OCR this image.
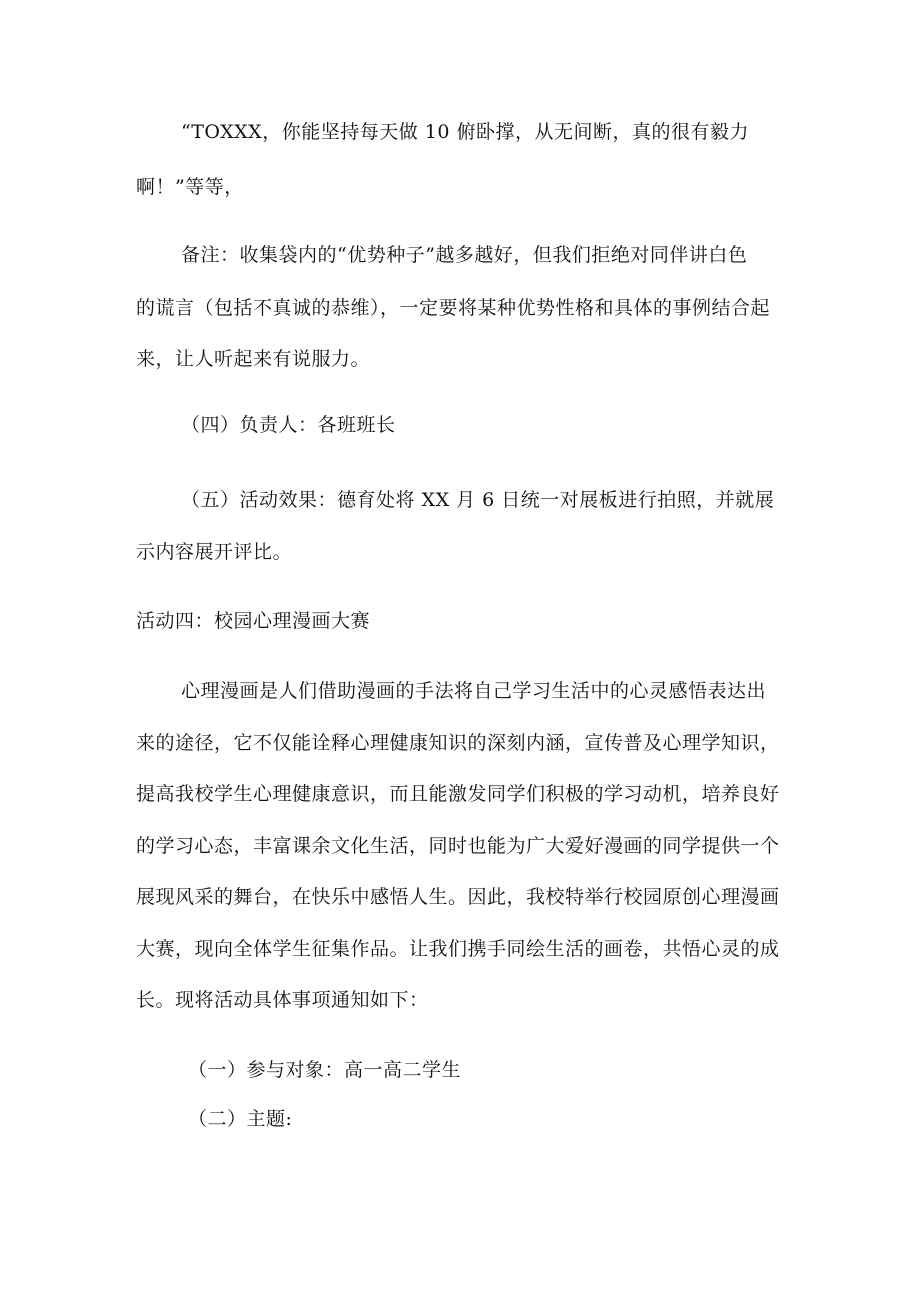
“TOXXX，你能坚持每天做 10 俯卧撑，从无间断，真的很有毅力
啊！”等等，
备注：收集袋内的“优势种子”越多越好，但我们拒绝对同伴讲白色
的谎言（包括不真诚的恭维），一定要将某种优势性格和具体的事例结合起
来，让人听起来有说服力。
（四）负责人：各班班长
（五）活动效果：德育处将 XX 月 6 日统一对展板进行拍照，并就展
示内容展开评比。
活动四：校园心理漫画大赛
心理漫画是人们借助漫画的手法将自己学习生活中的心灵感悟表达出
来的途径，它不仅能诠释心理健康知识的深刻内涵，宣传普及心理学知识，
提高我校学生心理健康意识，而且能激发同学们积极的学习动机，培养良好
的学习心态，丰富课余文化生活，同时也能为广大爱好漫画的同学提供一个
展现风采的舞台，在快乐中感悟人生。因此，我校特举行校园原创心理漫画
大赛，现向全体学生征集作品。让我们携手同绘生活的画卷，共悟心灵的成
长。现将活动具体事项通知如下：
（一）参与对象：高一高二学生
（二）主题:
